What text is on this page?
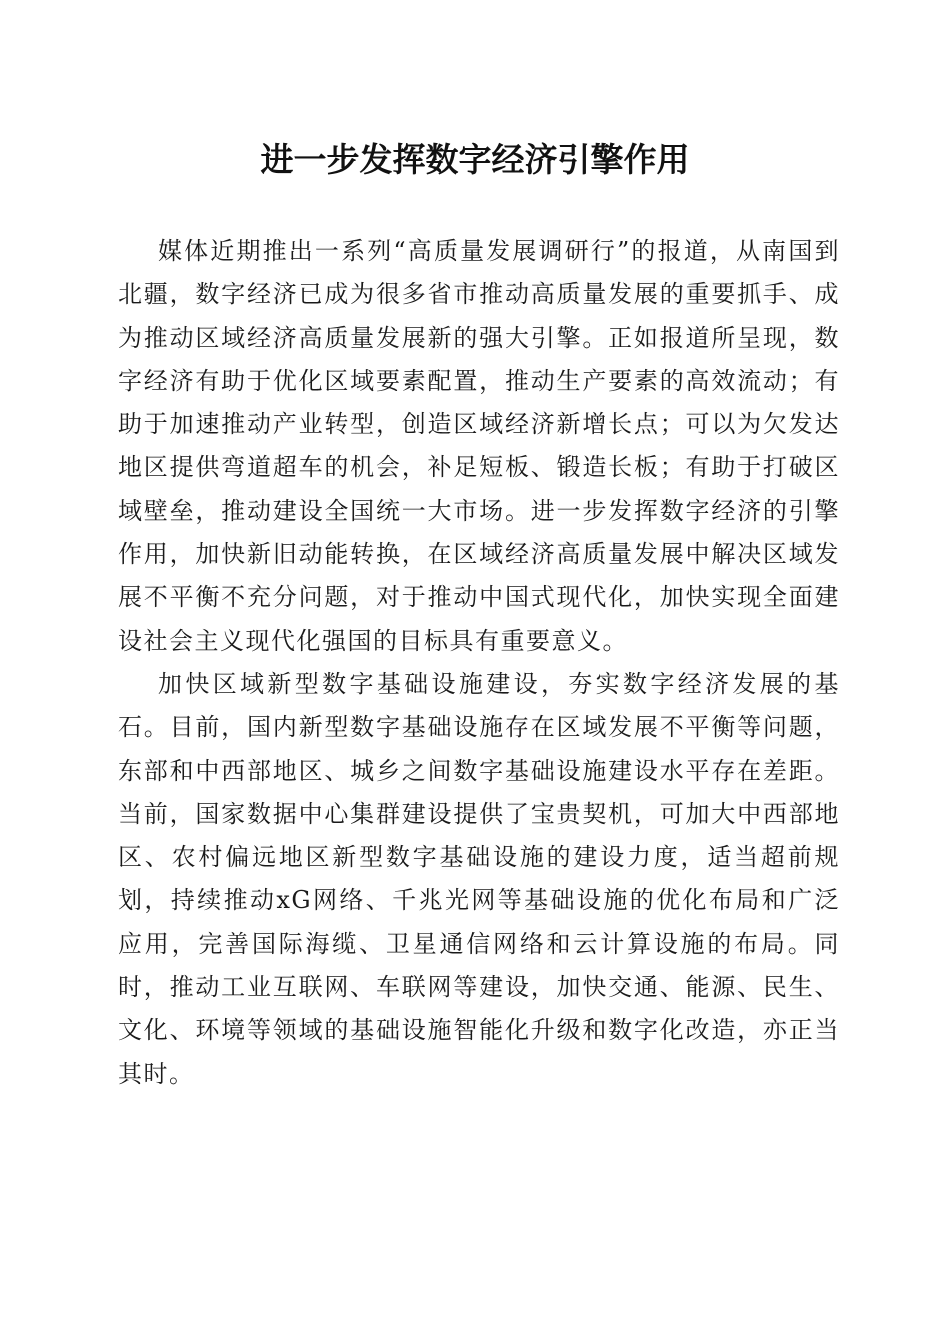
进一步发挥数字经济引擎作用

媒体近期推出一系列“高质量发展调研行”的报道，从南国到北疆，数字经济已成为很多省市推动高质量发展的重要抓手、成为推动区域经济高质量发展新的强大引擎。正如报道所呈现，数字经济有助于优化区域要素配置，推动生产要素的高效流动；有助于加速推动产业转型，创造区域经济新增长点；可以为欠发达地区提供弯道超车的机会，补足短板、锻造长板；有助于打破区域壁垒，推动建设全国统一大市场。进一步发挥数字经济的引擎作用，加快新旧动能转换，在区域经济高质量发展中解决区域发展不平衡不充分问题，对于推动中国式现代化，加快实现全面建设社会主义现代化强国的目标具有重要意义。

加快区域新型数字基础设施建设，夯实数字经济发展的基石。目前，国内新型数字基础设施存在区域发展不平衡等问题，东部和中西部地区、城乡之间数字基础设施建设水平存在差距。当前，国家数据中心集群建设提供了宝贵契机，可加大中西部地区、农村偏远地区新型数字基础设施的建设力度，适当超前规划，持续推动xG网络、千兆光网等基础设施的优化布局和广泛应用，完善国际海缆、卫星通信网络和云计算设施的布局。同时，推动工业互联网、车联网等建设，加快交通、能源、民生、文化、环境等领域的基础设施智能化升级和数字化改造，亦正当其时。
